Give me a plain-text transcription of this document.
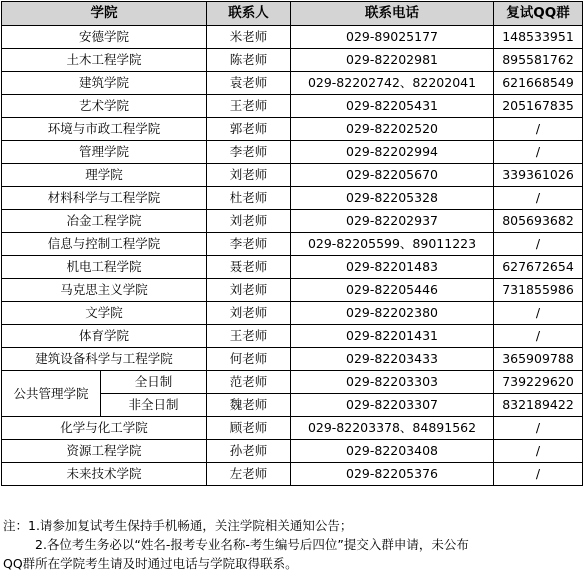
学院		联系人	联系电话	复试QQ群
安德学院		米老师	029-89025177	148533951
土木工程学院		陈老师	029-82202981	895581762
建筑学院		袁老师	029-82202742、82202041	621668549
艺术学院		王老师	029-82205431	205167835
环境与市政工程学院		郭老师	029-82202520	/
管理学院		李老师	029-82202994	/
理学院		刘老师	029-82205670	339361026
材料科学与工程学院		杜老师	029-82205328	/
冶金工程学院		刘老师	029-82202937	805693682
信息与控制工程学院		李老师	029-82205599、89011223	/
机电工程学院		聂老师	029-82201483	627672654
马克思主义学院		刘老师	029-82205446	731855986
文学院		刘老师	029-82202380	/
体育学院		王老师	029-82201431	/
建筑设备科学与工程学院		何老师	029-82203433	365909788
公共管理学院	全日制	范老师	029-82203303	739229620
	非全日制	魏老师	029-82203307	832189422
化学与化工学院		顾老师	029-82203378、84891562	/
资源工程学院		孙老师	029-82203408	/
未来技术学院		左老师	029-82205376	/

注：1.请参加复试考生保持手机畅通，关注学院相关通知公告；

2.各位考生务必以“姓名-报考专业名称-考生编号后四位”提交入群申请，未公布

QQ群所在学院考生请及时通过电话与学院取得联系。
